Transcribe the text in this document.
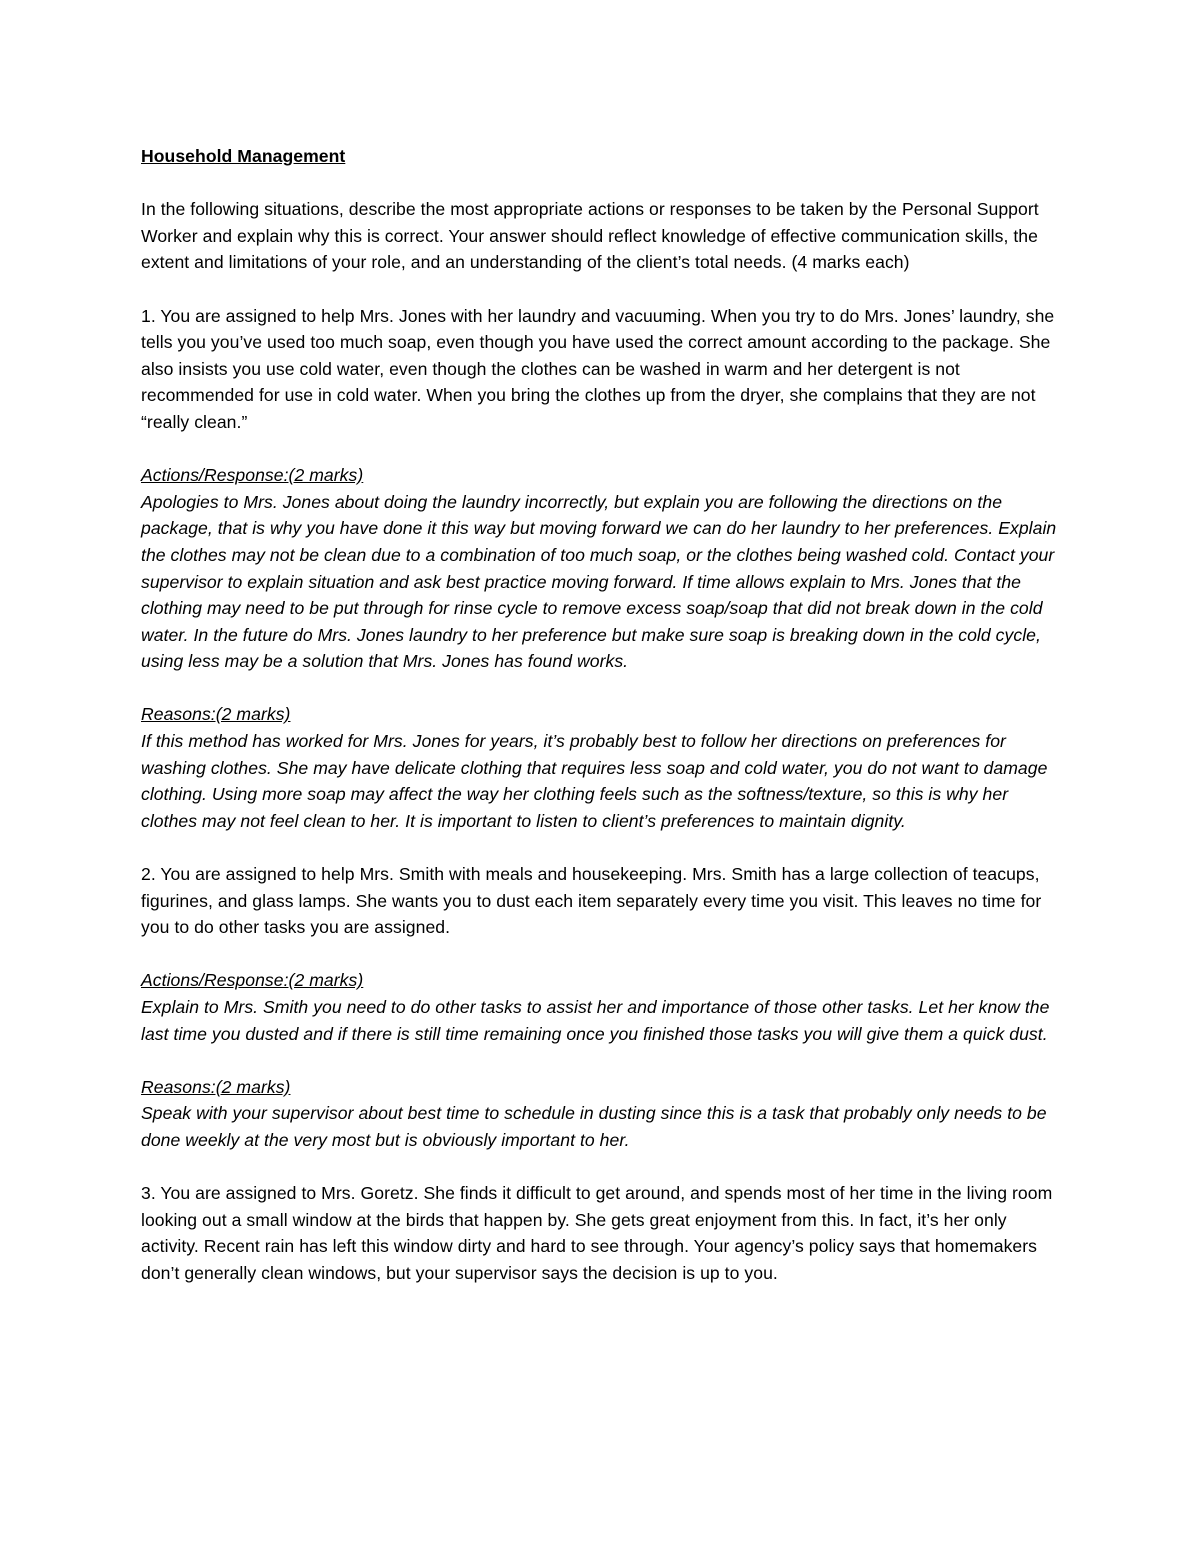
Household Management

In the following situations, describe the most appropriate actions or responses to be taken by the Personal Support Worker and explain why this is correct. Your answer should reflect knowledge of effective communication skills, the extent and limitations of your role, and an understanding of the client’s total needs. (4 marks each)

1. You are assigned to help Mrs. Jones with her laundry and vacuuming. When you try to do Mrs. Jones’ laundry, she tells you you’ve used too much soap, even though you have used the correct amount according to the package. She also insists you use cold water, even though the clothes can be washed in warm and her detergent is not recommended for use in cold water. When you bring the clothes up from the dryer, she complains that they are not “really clean.”

Actions/Response:(2 marks)
Apologies to Mrs. Jones about doing the laundry incorrectly, but explain you are following the directions on the package, that is why you have done it this way but moving forward we can do her laundry to her preferences. Explain the clothes may not be clean due to a combination of too much soap, or the clothes being washed cold. Contact your supervisor to explain situation and ask best practice moving forward. If time allows explain to Mrs. Jones that the clothing may need to be put through for rinse cycle to remove excess soap/soap that did not break down in the cold water. In the future do Mrs. Jones laundry to her preference but make sure soap is breaking down in the cold cycle, using less may be a solution that Mrs. Jones has found works.
Reasons:(2 marks)
If this method has worked for Mrs. Jones for years, it’s probably best to follow her directions on preferences for washing clothes. She may have delicate clothing that requires less soap and cold water, you do not want to damage clothing. Using more soap may affect the way her clothing feels such as the softness/texture, so this is why her clothes may not feel clean to her. It is important to listen to client’s preferences to maintain dignity.

2. You are assigned to help Mrs. Smith with meals and housekeeping. Mrs. Smith has a large collection of teacups, figurines, and glass lamps. She wants you to dust each item separately every time you visit. This leaves no time for you to do other tasks you are assigned.

Actions/Response:(2 marks)
Explain to Mrs. Smith you need to do other tasks to assist her and importance of those other tasks. Let her know the last time you dusted and if there is still time remaining once you finished those tasks you will give them a quick dust.
Reasons:(2 marks)
Speak with your supervisor about best time to schedule in dusting since this is a task that probably only needs to be done weekly at the very most but is obviously important to her.

3. You are assigned to Mrs. Goretz. She finds it difficult to get around, and spends most of her time in the living room looking out a small window at the birds that happen by. She gets great enjoyment from this. In fact, it’s her only activity. Recent rain has left this window dirty and hard to see through. Your agency’s policy says that homemakers don’t generally clean windows, but your supervisor says the decision is up to you.
